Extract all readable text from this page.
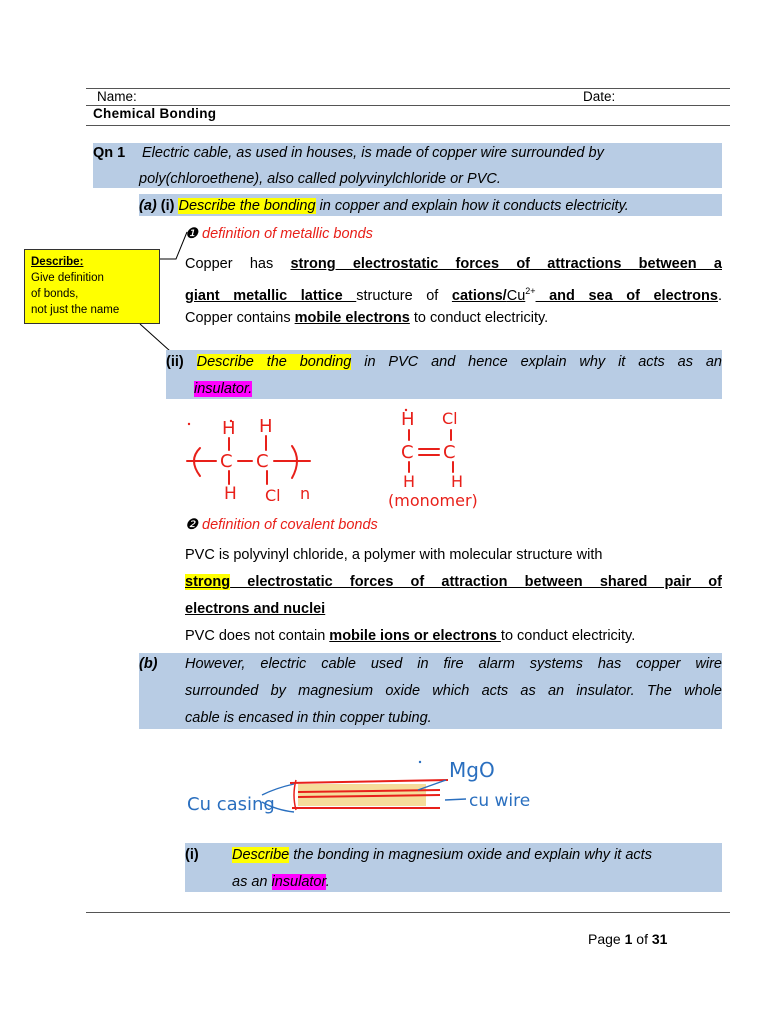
Name:	Date:
Chemical Bonding
Qn 1 Electric cable, as used in houses, is made of copper wire surrounded by
poly(chloroethene), also called polyvinylchloride or PVC.
(a) (i) Describe the bonding in copper and explain how it conducts electricity.
❶ definition of metallic bonds
Copper has strong electrostatic forces of attractions between a
giant metallic lattice structure of cations/$Cu^{2+}$ and sea of electrons.
Copper contains mobile electrons to conduct electricity.
Describe:
Give definition
of bonds,
not just the name
(ii) Describe the bonding in PVC and hence explain why it acts as an
insulator.
H H
C C
H Cl n
H Cl
C C
H H
(monomer)
❷ definition of covalent bonds
PVC is polyvinyl chloride, a polymer with molecular structure with
strong electrostatic forces of attraction between shared pair of
electrons and nuclei
PVC does not contain mobile ions or electrons to conduct electricity.
(b) However, electric cable used in fire alarm systems has copper wire
surrounded by magnesium oxide which acts as an insulator. The whole
cable is encased in thin copper tubing.
MgO
Cu casing	cu wire
(i) Describe the bonding in magnesium oxide and explain why it acts
as an insulator.
Page 1 of 31
